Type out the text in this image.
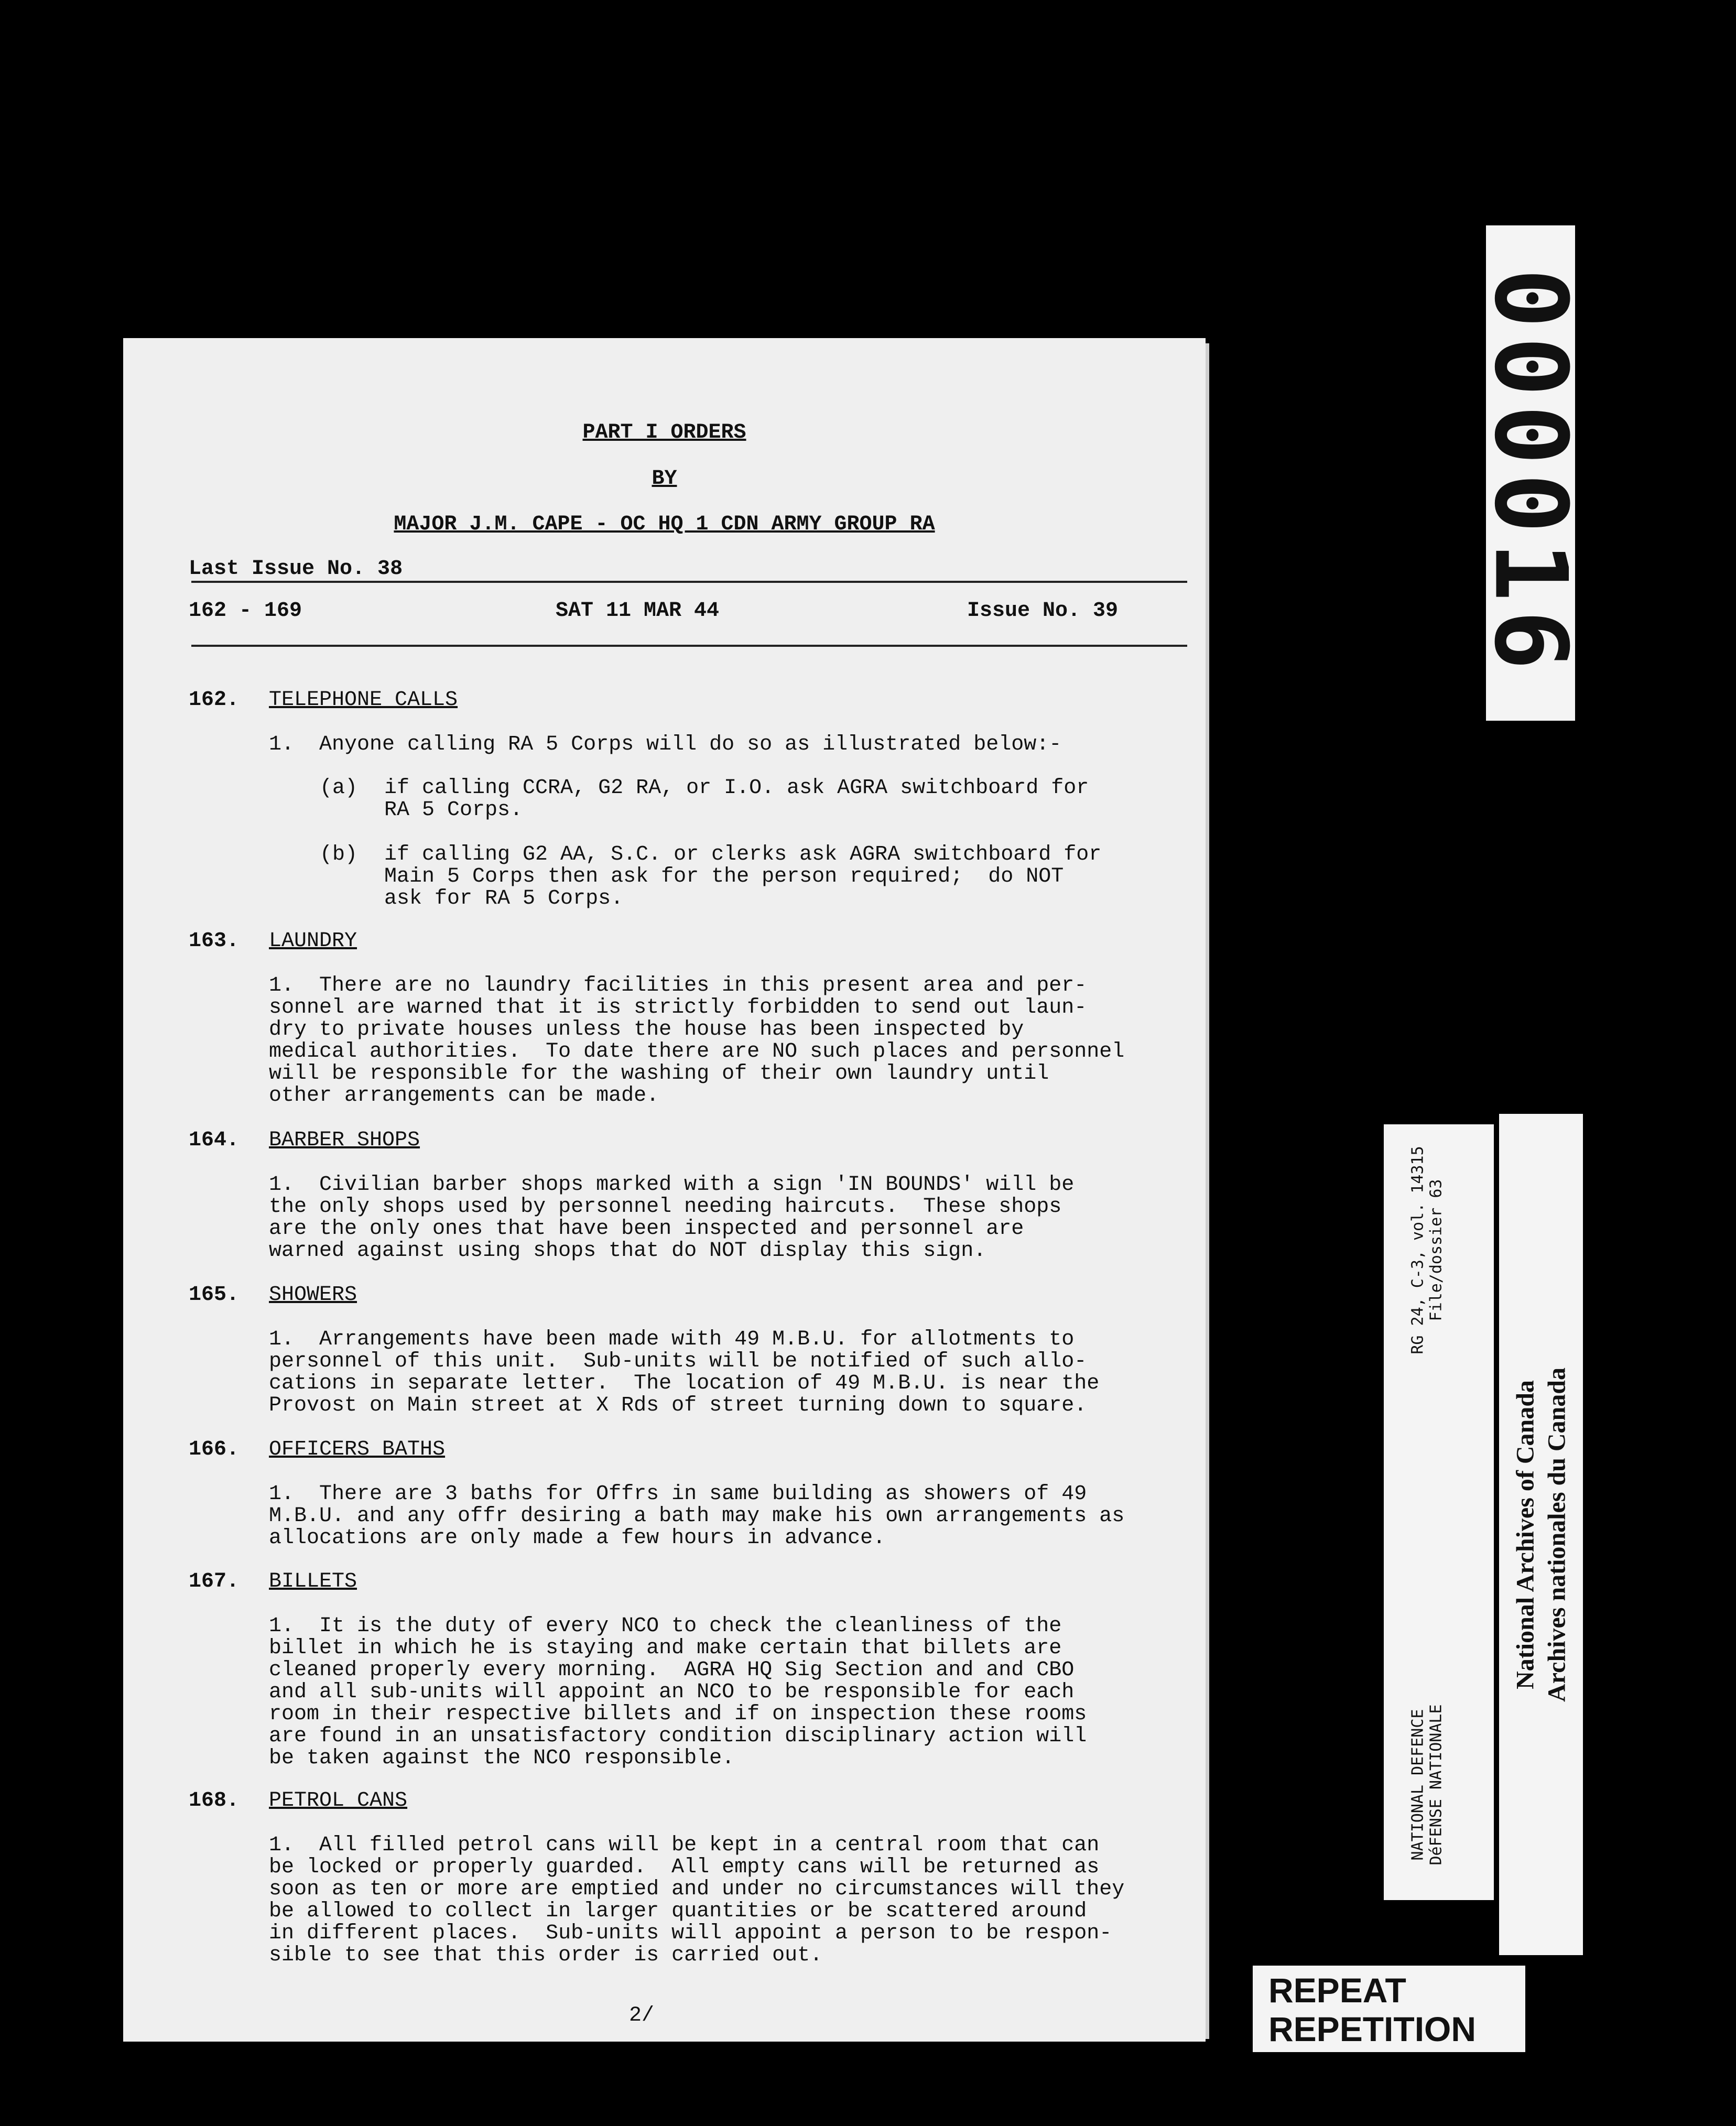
PART I ORDERS
BY
MAJOR J.M. CAPE - OC HQ 1 CDN ARMY GROUP RA
Last Issue No. 38
162 - 169	SAT 11 MAR 44	Issue No. 39
162. TELEPHONE CALLS
1.  Anyone calling RA 5 Corps will do so as illustrated below:-
(a) if calling CCRA, G2 RA, or I.O. ask AGRA switchboard for
RA 5 Corps.
(b) if calling G2 AA, S.C. or clerks ask AGRA switchboard for
Main 5 Corps then ask for the person required;  do NOT
ask for RA 5 Corps.
163. LAUNDRY
1.  There are no laundry facilities in this present area and per-
sonnel are warned that it is strictly forbidden to send out laun-
dry to private houses unless the house has been inspected by
medical authorities.  To date there are NO such places and personnel
will be responsible for the washing of their own laundry until
other arrangements can be made.
164. BARBER SHOPS
1.  Civilian barber shops marked with a sign 'IN BOUNDS' will be
the only shops used by personnel needing haircuts.  These shops
are the only ones that have been inspected and personnel are
warned against using shops that do NOT display this sign.
165. SHOWERS
1.  Arrangements have been made with 49 M.B.U. for allotments to
personnel of this unit.  Sub-units will be notified of such allo-
cations in separate letter.  The location of 49 M.B.U. is near the
Provost on Main street at X Rds of street turning down to square.
166. OFFICERS BATHS
1.  There are 3 baths for Offrs in same building as showers of 49
M.B.U. and any offr desiring a bath may make his own arrangements as
allocations are only made a few hours in advance.
167. BILLETS
1.  It is the duty of every NCO to check the cleanliness of the
billet in which he is staying and make certain that billets are
cleaned properly every morning.  AGRA HQ Sig Section and and CBO
and all sub-units will appoint an NCO to be responsible for each
room in their respective billets and if on inspection these rooms
are found in an unsatisfactory condition disciplinary action will
be taken against the NCO responsible.
168. PETROL CANS
1.  All filled petrol cans will be kept in a central room that can
be locked or properly guarded.  All empty cans will be returned as
soon as ten or more are emptied and under no circumstances will they
be allowed to collect in larger quantities or be scattered around
in different places.  Sub-units will appoint a person to be respon-
sible to see that this order is carried out.
2/
000016
RG 24, C-3, vol. 14315 File/dossier 63
NATIONAL DEFENCE DéFENSE NATIONALE
National Archives of Canada Archives nationales du Canada
REPEAT
REPETITION
